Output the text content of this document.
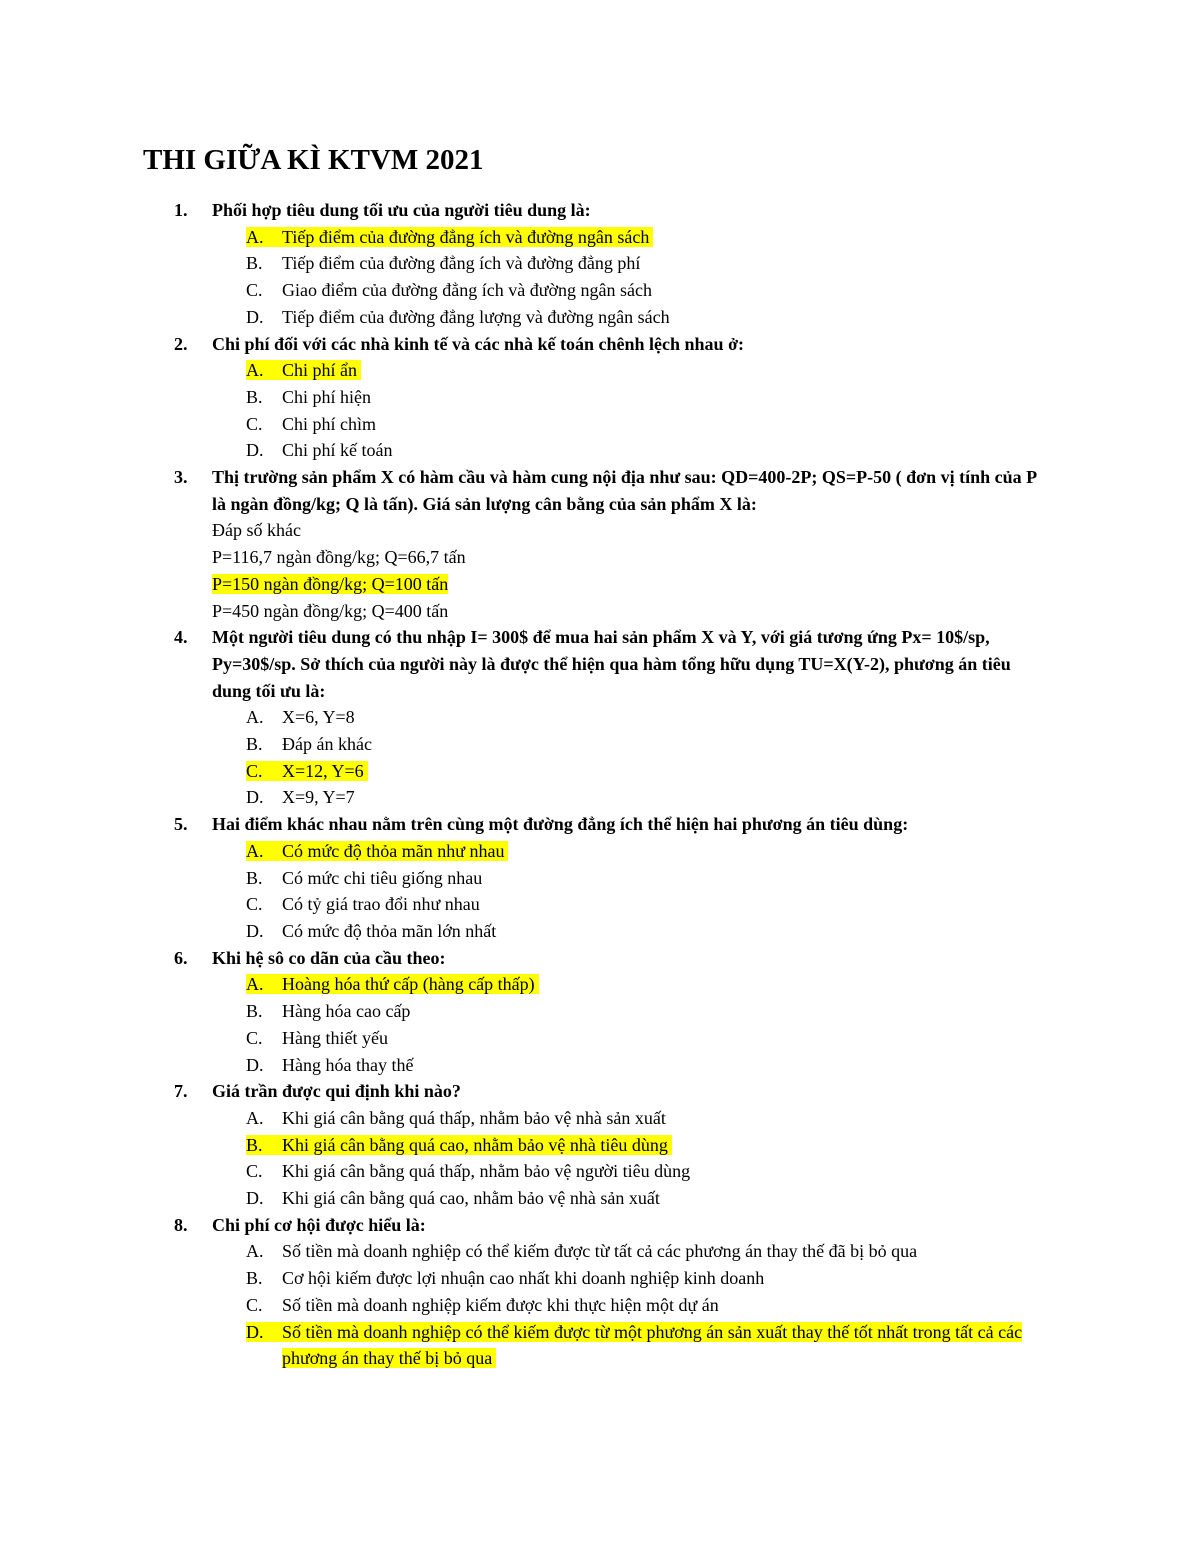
THI GIỮA KÌ KTVM 2021
1. Phối hợp tiêu dung tối ưu của người tiêu dung là:
A. Tiếp điểm của đường đẳng ích và đường ngân sách
B. Tiếp điểm của đường đẳng ích và đường đẳng phí
C. Giao điểm của đường đẳng ích và đường ngân sách
D. Tiếp điểm của đường đẳng lượng và đường ngân sách
2. Chi phí đối với các nhà kinh tế và các nhà kế toán chênh lệch nhau ở:
A. Chi phí ẩn
B. Chi phí hiện
C. Chi phí chìm
D. Chi phí kế toán
3. Thị trường sản phẩm X có hàm cầu và hàm cung nội địa như sau: QD=400-2P; QS=P-50 ( đơn vị tính của P là ngàn đồng/kg; Q là tấn). Giá sản lượng cân bằng của sản phẩm X là:
Đáp số khác
P=116,7 ngàn đồng/kg; Q=66,7 tấn
P=150 ngàn đồng/kg; Q=100 tấn
P=450 ngàn đồng/kg; Q=400 tấn
4. Một người tiêu dung có thu nhập I= 300$ để mua hai sản phẩm X và Y, với giá tương ứng Px= 10$/sp, Py=30$/sp. Sở thích của người này là được thể hiện qua hàm tổng hữu dụng TU=X(Y-2), phương án tiêu dung tối ưu là:
A. X=6, Y=8
B. Đáp án khác
C. X=12, Y=6
D. X=9, Y=7
5. Hai điểm khác nhau nằm trên cùng một đường đẳng ích thể hiện hai phương án tiêu dùng:
A. Có mức độ thỏa mãn như nhau
B. Có mức chi tiêu giống nhau
C. Có tỷ giá trao đổi như nhau
D. Có mức độ thỏa mãn lớn nhất
6. Khi hệ sô co dãn của cầu theo:
A. Hoàng hóa thứ cấp (hàng cấp thấp)
B. Hàng hóa cao cấp
C. Hàng thiết yếu
D. Hàng hóa thay thế
7. Giá trần được qui định khi nào?
A. Khi giá cân bằng quá thấp, nhằm bảo vệ nhà sản xuất
B. Khi giá cân bằng quá cao, nhằm bảo vệ nhà tiêu dùng
C. Khi giá cân bằng quá thấp, nhằm bảo vệ người tiêu dùng
D. Khi giá cân bằng quá cao, nhằm bảo vệ nhà sản xuất
8. Chi phí cơ hội được hiểu là:
A. Số tiền mà doanh nghiệp có thể kiếm được từ tất cả các phương án thay thế đã bị bỏ qua
B. Cơ hội kiếm được lợi nhuận cao nhất khi doanh nghiệp kinh doanh
C. Số tiền mà doanh nghiệp kiếm được khi thực hiện một dự án
D. Số tiền mà doanh nghiệp có thể kiếm được từ một phương án sản xuất thay thế tốt nhất trong tất cả các phương án thay thế bị bỏ qua
